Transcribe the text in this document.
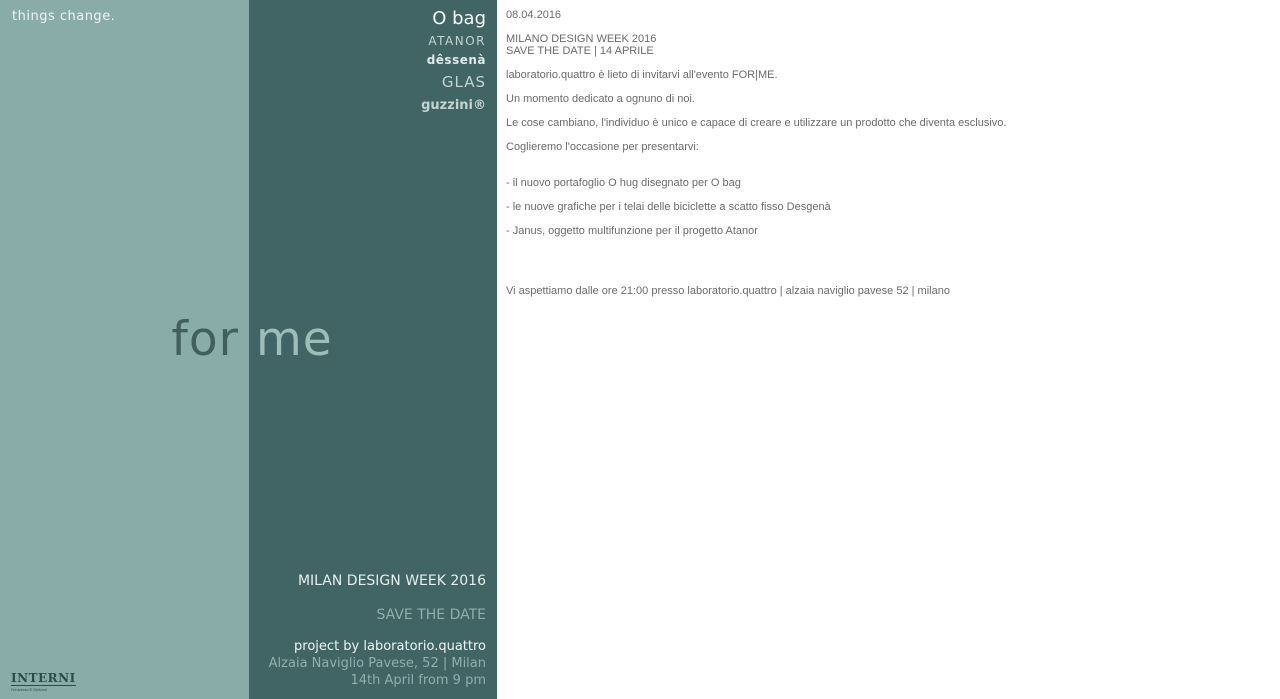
things change.	O bag
ATANOR
dêssenà
GLAS
guzzini®
for me
MILAN DESIGN WEEK 2016
SAVE THE DATE
project by laboratorio.quattro
Alzaia Naviglio Pavese, 52 | Milan
14th April from 9 pm
INTERNI
l'Universo E Dintorni

08.04.2016

MILANO DESIGN WEEK 2016

SAVE THE DATE | 14 APRILE

laboratorio.quattro è lieto di invitarvi all'evento FOR|ME.

Un momento dedicato a ognuno di noi.

Le cose cambiano, l'individuo è unico e capace di creare e utilizzare un prodotto che diventa esclusivo.

Coglieremo l'occasione per presentarvi:

- il nuovo portafoglio O hug disegnato per O bag

- le nuove grafiche per i telai delle biciclette a scatto fisso Desgenà

- Janus, oggetto multifunzione per il progetto Atanor

Vi aspettiamo dalle ore 21:00 presso laboratorio.quattro | alzaia naviglio pavese 52 | milano
